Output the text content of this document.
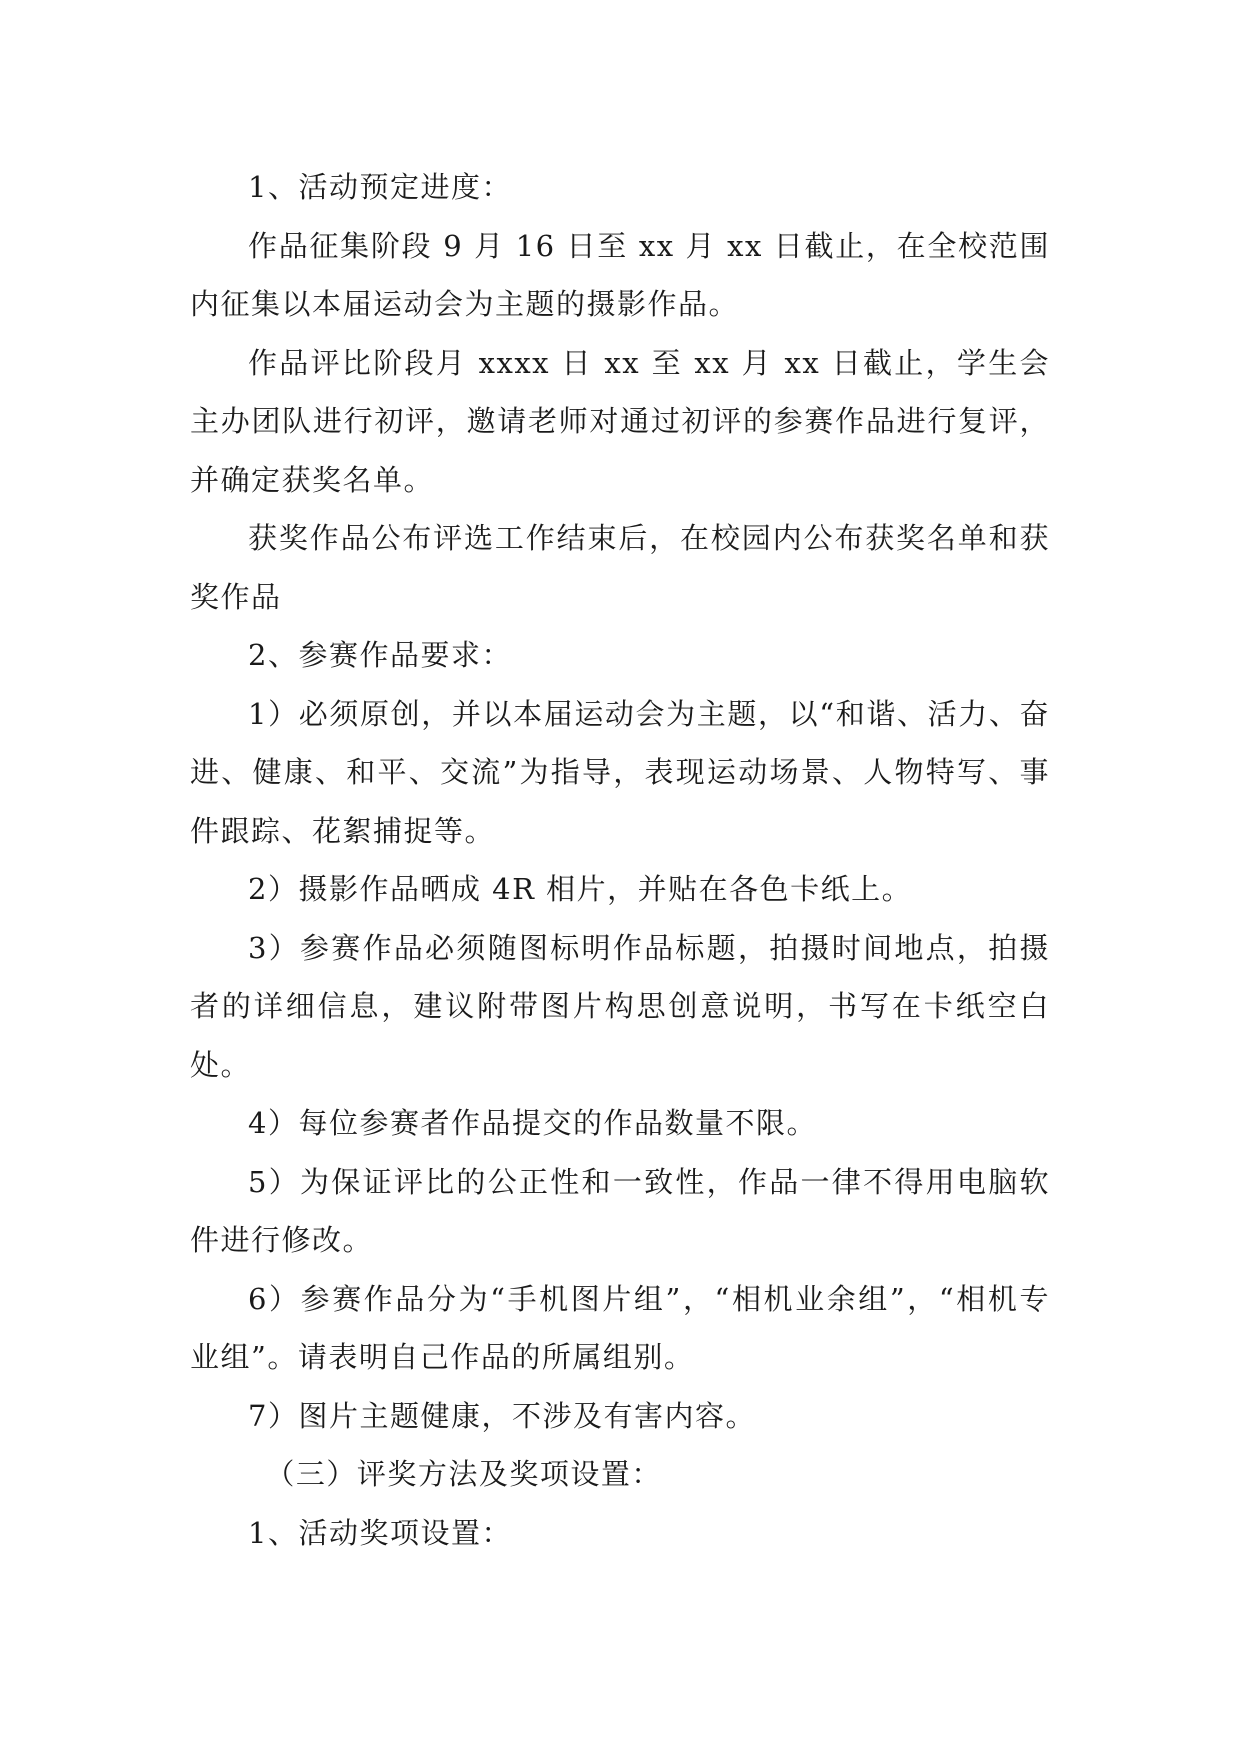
1、活动预定进度：

作品征集阶段 9 月 16 日至 xx 月 xx 日截止，在全校范围内征集以本届运动会为主题的摄影作品。

作品评比阶段月 xxxx 日 xx 至 xx 月 xx 日截止，学生会主办团队进行初评，邀请老师对通过初评的参赛作品进行复评，并确定获奖名单。

获奖作品公布评选工作结束后，在校园内公布获奖名单和获奖作品

2、参赛作品要求：

1）必须原创，并以本届运动会为主题，以“和谐、活力、奋进、健康、和平、交流”为指导，表现运动场景、人物特写、事件跟踪、花絮捕捉等。

2）摄影作品晒成 4R 相片，并贴在各色卡纸上。

3）参赛作品必须随图标明作品标题，拍摄时间地点，拍摄者的详细信息，建议附带图片构思创意说明，书写在卡纸空白处。

4）每位参赛者作品提交的作品数量不限。

5）为保证评比的公正性和一致性，作品一律不得用电脑软件进行修改。

6）参赛作品分为“手机图片组”，“相机业余组”，“相机专业组”。请表明自己作品的所属组别。

7）图片主题健康，不涉及有害内容。

（三）评奖方法及奖项设置：

1、活动奖项设置：
